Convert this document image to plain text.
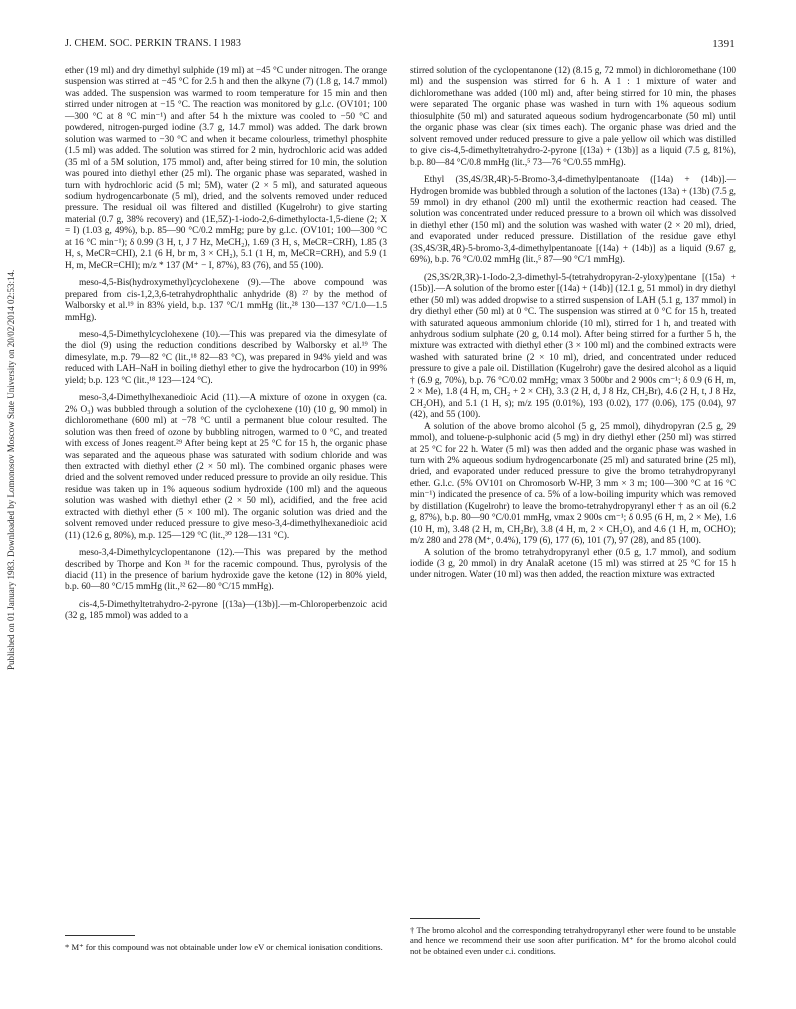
J. CHEM. SOC. PERKIN TRANS. I 1983	1391
Published on 01 January 1983. Downloaded by Lomonosov Moscow State University on 20/02/2014 02:53:14.

ether (19 ml) and dry dimethyl sulphide (19 ml) at −45 °C under nitrogen. The orange suspension was stirred at −45 °C for 2.5 h and then the alkyne (7) (1.8 g, 14.7 mmol) was added. The suspension was warmed to room temperature for 15 min and then stirred under nitrogen at −15 °C. The reaction was monitored by g.l.c. (OV101; 100—300 °C at 8 °C min⁻¹) and after 54 h the mixture was cooled to −50 °C and powdered, nitrogen-purged iodine (3.7 g, 14.7 mmol) was added. The dark brown solution was warmed to −30 °C and when it became colourless, trimethyl phosphite (1.5 ml) was added. The solution was stirred for 2 min, hydrochloric acid was added (35 ml of a 5M solution, 175 mmol) and, after being stirred for 10 min, the solution was poured into diethyl ether (25 ml). The organic phase was separated, washed in turn with hydrochloric acid (5 ml; 5M), water (2 × 5 ml), and saturated aqueous sodium hydrogencarbonate (5 ml), dried, and the solvents removed under reduced pressure. The residual oil was filtered and distilled (Kugelrohr) to give starting material (0.7 g, 38% recovery) and (1E,5Z)-1-iodo-2,6-dimethylocta-1,5-diene (2; X = I) (1.03 g, 49%), b.p. 85—90 °C/0.2 mmHg; pure by g.l.c. (OV101; 100—300 °C at 16 °C min⁻¹); δ 0.99 (3 H, t, J 7 Hz, MeCH₂), 1.69 (3 H, s, MeCR=CRH), 1.85 (3 H, s, MeCR=CHI), 2.1 (6 H, br m, 3 × CH₂), 5.1 (1 H, m, MeCR=CRH), and 5.9 (1 H, m, MeCR=CHI); m/z * 137 (M⁺ − I, 87%), 83 (76), and 55 (100).

meso-4,5-Bis(hydroxymethyl)cyclohexene (9).—The above compound was prepared from cis-1,2,3,6-tetrahydrophthalic anhydride (8) ²⁷ by the method of Walborsky et al.¹⁹ in 83% yield, b.p. 137 °C/1 mmHg (lit.,²⁸ 130—137 °C/1.0—1.5 mmHg).

meso-4,5-Dimethylcyclohexene (10).—This was prepared via the dimesylate of the diol (9) using the reduction conditions described by Walborsky et al.¹⁹ The dimesylate, m.p. 79—82 °C (lit.,¹⁸ 82—83 °C), was prepared in 94% yield and was reduced with LAH–NaH in boiling diethyl ether to give the hydrocarbon (10) in 99% yield; b.p. 123 °C (lit.,¹⁸ 123—124 °C).

meso-3,4-Dimethylhexanedioic Acid (11).—A mixture of ozone in oxygen (ca. 2% O₃) was bubbled through a solution of the cyclohexene (10) (10 g, 90 mmol) in dichloromethane (600 ml) at −78 °C until a permanent blue colour resulted. The solution was then freed of ozone by bubbling nitrogen, warmed to 0 °C, and treated with excess of Jones reagent.²⁹ After being kept at 25 °C for 15 h, the organic phase was separated and the aqueous phase was saturated with sodium chloride and was then extracted with diethyl ether (2 × 50 ml). The combined organic phases were dried and the solvent removed under reduced pressure to provide an oily residue. This residue was taken up in 1% aqueous sodium hydroxide (100 ml) and the aqueous solution was washed with diethyl ether (2 × 50 ml), acidified, and the free acid extracted with diethyl ether (5 × 100 ml). The organic solution was dried and the solvent removed under reduced pressure to give meso-3,4-dimethylhexanedioic acid (11) (12.6 g, 80%), m.p. 125—129 °C (lit.,³⁰ 128—131 °C).

meso-3,4-Dimethylcyclopentanone (12).—This was prepared by the method described by Thorpe and Kon ³¹ for the racemic compound. Thus, pyrolysis of the diacid (11) in the presence of barium hydroxide gave the ketone (12) in 80% yield, b.p. 60—80 °C/15 mmHg (lit.,³² 62—80 °C/15 mmHg).

cis-4,5-Dimethyltetrahydro-2-pyrone [(13a)—(13b)].—m-Chloroperbenzoic acid (32 g, 185 mmol) was added to a

* M⁺ for this compound was not obtainable under low eV or chemical ionisation conditions.

stirred solution of the cyclopentanone (12) (8.15 g, 72 mmol) in dichloromethane (100 ml) and the suspension was stirred for 6 h. A 1 : 1 mixture of water and dichloromethane was added (100 ml) and, after being stirred for 10 min, the phases were separated The organic phase was washed in turn with 1% aqueous sodium thiosulphite (50 ml) and saturated aqueous sodium hydrogencarbonate (50 ml) until the organic phase was clear (six times each). The organic phase was dried and the solvent removed under reduced pressure to give a pale yellow oil which was distilled to give cis-4,5-dimethyltetrahydro-2-pyrone [(13a) + (13b)] as a liquid (7.5 g, 81%), b.p. 80—84 °C/0.8 mmHg (lit.,⁵ 73—76 °C/0.55 mmHg).

Ethyl (3S,4S/3R,4R)-5-Bromo-3,4-dimethylpentanoate ([14a) + (14b)].—Hydrogen bromide was bubbled through a solution of the lactones (13a) + (13b) (7.5 g, 59 mmol) in dry ethanol (200 ml) until the exothermic reaction had ceased. The solution was concentrated under reduced pressure to a brown oil which was dissolved in diethyl ether (150 ml) and the solution was washed with water (2 × 20 ml), dried, and evaporated under reduced pressure. Distillation of the residue gave ethyl (3S,4S/3R,4R)-5-bromo-3,4-dimethylpentanoate [(14a) + (14b)] as a liquid (9.67 g, 69%), b.p. 76 °C/0.02 mmHg (lit.,⁵ 87—90 °C/1 mmHg).

(2S,3S/2R,3R)-1-Iodo-2,3-dimethyl-5-(tetrahydropyran-2-yloxy)pentane [(15a) + (15b)].—A solution of the bromo ester [(14a) + (14b)] (12.1 g, 51 mmol) in dry diethyl ether (50 ml) was added dropwise to a stirred suspension of LAH (5.1 g, 137 mmol) in dry diethyl ether (50 ml) at 0 °C. The suspension was stirred at 0 °C for 15 h, treated with saturated aqueous ammonium chloride (10 ml), stirred for 1 h, and treated with anhydrous sodium sulphate (20 g, 0.14 mol). After being stirred for a further 5 h, the mixture was extracted with diethyl ether (3 × 100 ml) and the combined extracts were washed with saturated brine (2 × 10 ml), dried, and concentrated under reduced pressure to give a pale oil. Distillation (Kugelrohr) gave the desired alcohol as a liquid † (6.9 g, 70%), b.p. 76 °C/0.02 mmHg; νmax 3 500br and 2 900s cm⁻¹; δ 0.9 (6 H, m, 2 × Me), 1.8 (4 H, m, CH₂ + 2 × CH), 3.3 (2 H, d, J 8 Hz, CH₂Br), 4.6 (2 H, t, J 8 Hz, CH₂OH), and 5.1 (1 H, s); m/z 195 (0.01%), 193 (0.02), 177 (0.06), 175 (0.04), 97 (42), and 55 (100).

A solution of the above bromo alcohol (5 g, 25 mmol), dihydropyran (2.5 g, 29 mmol), and toluene-p-sulphonic acid (5 mg) in dry diethyl ether (250 ml) was stirred at 25 °C for 22 h. Water (5 ml) was then added and the organic phase was washed in turn with 2% aqueous sodium hydrogencarbonate (25 ml) and saturated brine (25 ml), dried, and evaporated under reduced pressure to give the bromo tetrahydropyranyl ether. G.l.c. (5% OV101 on Chromosorb W-HP, 3 mm × 3 m; 100—300 °C at 16 °C min⁻¹) indicated the presence of ca. 5% of a low-boiling impurity which was removed by distillation (Kugelrohr) to leave the bromo-tetrahydropyranyl ether † as an oil (6.2 g, 87%), b.p. 80—90 °C/0.01 mmHg, νmax 2 900s cm⁻¹; δ 0.95 (6 H, m, 2 × Me), 1.6 (10 H, m), 3.48 (2 H, m, CH₂Br), 3.8 (4 H, m, 2 × CH₂O), and 4.6 (1 H, m, OCHO); m/z 280 and 278 (M⁺, 0.4%), 179 (6), 177 (6), 101 (7), 97 (28), and 85 (100).

A solution of the bromo tetrahydropyranyl ether (0.5 g, 1.7 mmol), and sodium iodide (3 g, 20 mmol) in dry AnalaR acetone (15 ml) was stirred at 25 °C for 15 h under nitrogen. Water (10 ml) was then added, the reaction mixture was extracted

† The bromo alcohol and the corresponding tetrahydropyranyl ether were found to be unstable and hence we recommend their use soon after purification. M⁺ for the bromo alcohol could not be obtained even under c.i. conditions.
